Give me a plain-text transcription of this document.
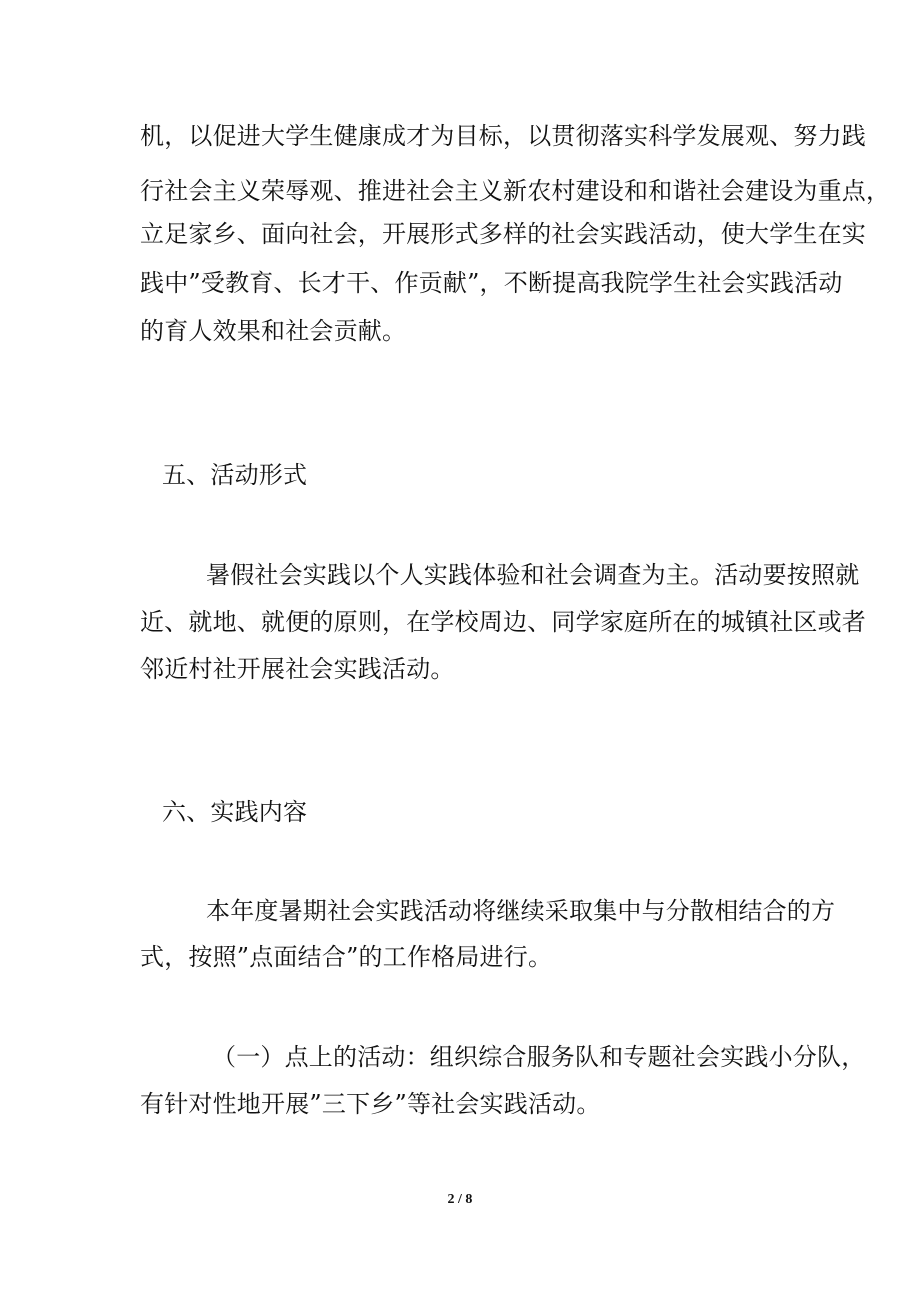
机，以促进大学生健康成才为目标，以贯彻落实科学发展观、努力践
行社会主义荣辱观、推进社会主义新农村建设和和谐社会建设为重点，
立足家乡、面向社会，开展形式多样的社会实践活动，使大学生在实
践中”受教育、长才干、作贡献”，不断提高我院学生社会实践活动
的育人效果和社会贡献。
五、活动形式
暑假社会实践以个人实践体验和社会调查为主。活动要按照就
近、就地、就便的原则，在学校周边、同学家庭所在的城镇社区或者
邻近村社开展社会实践活动。
六、实践内容
本年度暑期社会实践活动将继续采取集中与分散相结合的方
式，按照”点面结合”的工作格局进行。
（一）点上的活动：组织综合服务队和专题社会实践小分队，
有针对性地开展”三下乡”等社会实践活动。
2 / 8
